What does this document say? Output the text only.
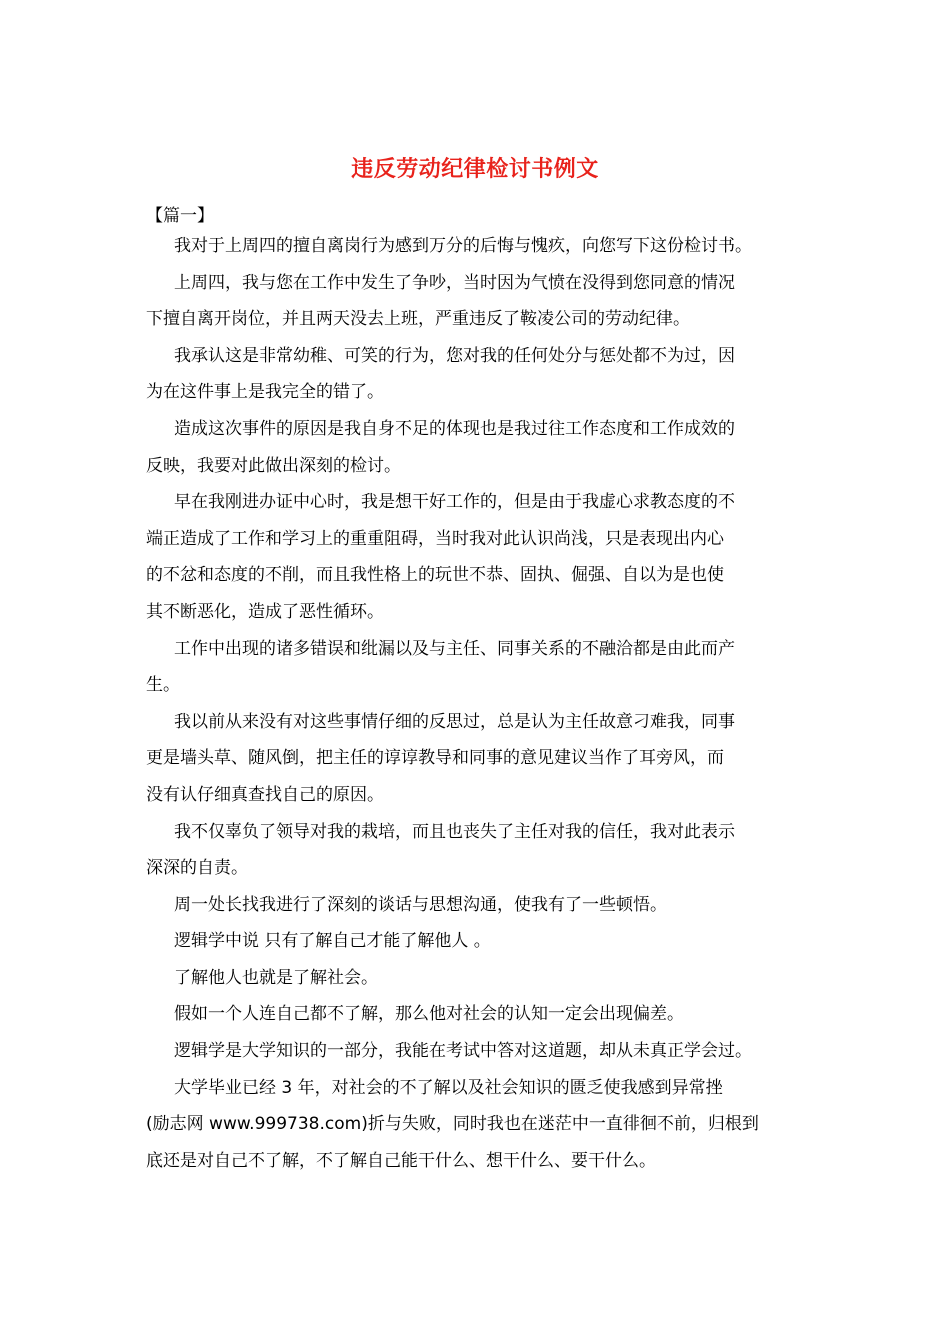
违反劳动纪律检讨书例文
【篇一】
我对于上周四的擅自离岗行为感到万分的后悔与愧疚，向您写下这份检讨书。
上周四，我与您在工作中发生了争吵，当时因为气愤在没得到您同意的情况
下擅自离开岗位，并且两天没去上班，严重违反了鞍凌公司的劳动纪律。
我承认这是非常幼稚、可笑的行为，您对我的任何处分与惩处都不为过，因
为在这件事上是我完全的错了。
造成这次事件的原因是我自身不足的体现也是我过往工作态度和工作成效的
反映，我要对此做出深刻的检讨。
早在我刚进办证中心时，我是想干好工作的，但是由于我虚心求教态度的不
端正造成了工作和学习上的重重阻碍，当时我对此认识尚浅，只是表现出内心
的不忿和态度的不削，而且我性格上的玩世不恭、固执、倔强、自以为是也使
其不断恶化，造成了恶性循环。
工作中出现的诸多错误和纰漏以及与主任、同事关系的不融洽都是由此而产
生。
我以前从来没有对这些事情仔细的反思过，总是认为主任故意刁难我，同事
更是墙头草、随风倒，把主任的谆谆教导和同事的意见建议当作了耳旁风，而
没有认仔细真查找自己的原因。
我不仅辜负了领导对我的栽培，而且也丧失了主任对我的信任，我对此表示
深深的自责。
周一处长找我进行了深刻的谈话与思想沟通，使我有了一些顿悟。
逻辑学中说 只有了解自己才能了解他人 。
了解他人也就是了解社会。
假如一个人连自己都不了解，那么他对社会的认知一定会出现偏差。
逻辑学是大学知识的一部分，我能在考试中答对这道题，却从未真正学会过。
大学毕业已经 3 年，对社会的不了解以及社会知识的匮乏使我感到异常挫
(励志网 www.999738.com)折与失败，同时我也在迷茫中一直徘徊不前，归根到
底还是对自己不了解，不了解自己能干什么、想干什么、要干什么。
